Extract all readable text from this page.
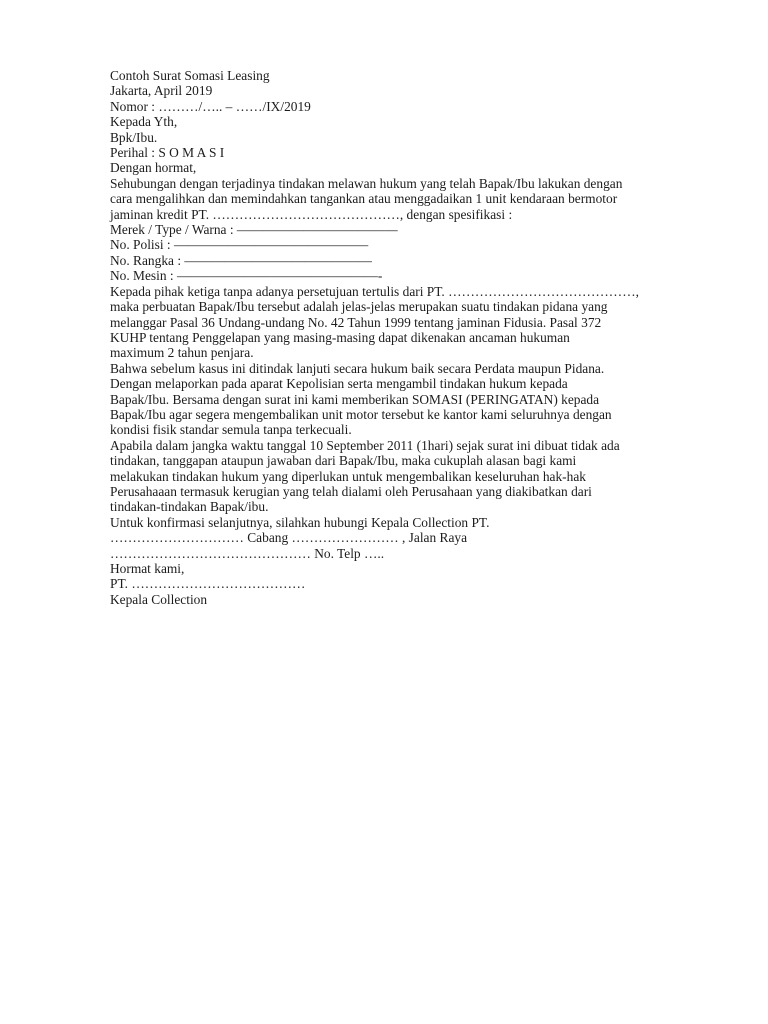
Contoh Surat Somasi Leasing
Jakarta, April 2019
Nomor : ………/….. – ……/IX/2019
Kepada Yth,
Bpk/Ibu.
Perihal : S O M A S I
Dengan hormat,
Sehubungan dengan terjadinya tindakan melawan hukum yang telah Bapak/Ibu lakukan dengan
cara mengalihkan dan memindahkan tangankan atau menggadaikan 1 unit kendaraan bermotor
jaminan kredit PT. ……………………………………, dengan spesifikasi :
Merek / Type / Warna : ————————————
No. Polisi : ——————————————–
No. Rangka : ——————————————
No. Mesin : ———————————————-
Kepada pihak ketiga tanpa adanya persetujuan tertulis dari PT. ……………………………………,
maka perbuatan Bapak/Ibu tersebut adalah jelas-jelas merupakan suatu tindakan pidana yang
melanggar Pasal 36 Undang-undang No. 42 Tahun 1999 tentang jaminan Fidusia. Pasal 372
KUHP tentang Penggelapan yang masing-masing dapat dikenakan ancaman hukuman
maximum 2 tahun penjara.
Bahwa sebelum kasus ini ditindak lanjuti secara hukum baik secara Perdata maupun Pidana.
Dengan melaporkan pada aparat Kepolisian serta mengambil tindakan hukum kepada
Bapak/Ibu. Bersama dengan surat ini kami memberikan SOMASI (PERINGATAN) kepada
Bapak/Ibu agar segera mengembalikan unit motor tersebut ke kantor kami seluruhnya dengan
kondisi fisik standar semula tanpa terkecuali.
Apabila dalam jangka waktu tanggal 10 September 2011 (1hari) sejak surat ini dibuat tidak ada
tindakan, tanggapan ataupun jawaban dari Bapak/Ibu, maka cukuplah alasan bagi kami
melakukan tindakan hukum yang diperlukan untuk mengembalikan keseluruhan hak-hak
Perusahaaan termasuk kerugian yang telah dialami oleh Perusahaan yang diakibatkan dari
tindakan-tindakan Bapak/ibu.
Untuk konfirmasi selanjutnya, silahkan hubungi Kepala Collection PT.
………………………… Cabang …………………… , Jalan Raya
……………………………………… No. Telp …..
Hormat kami,
PT. …………………………………
Kepala Collection
